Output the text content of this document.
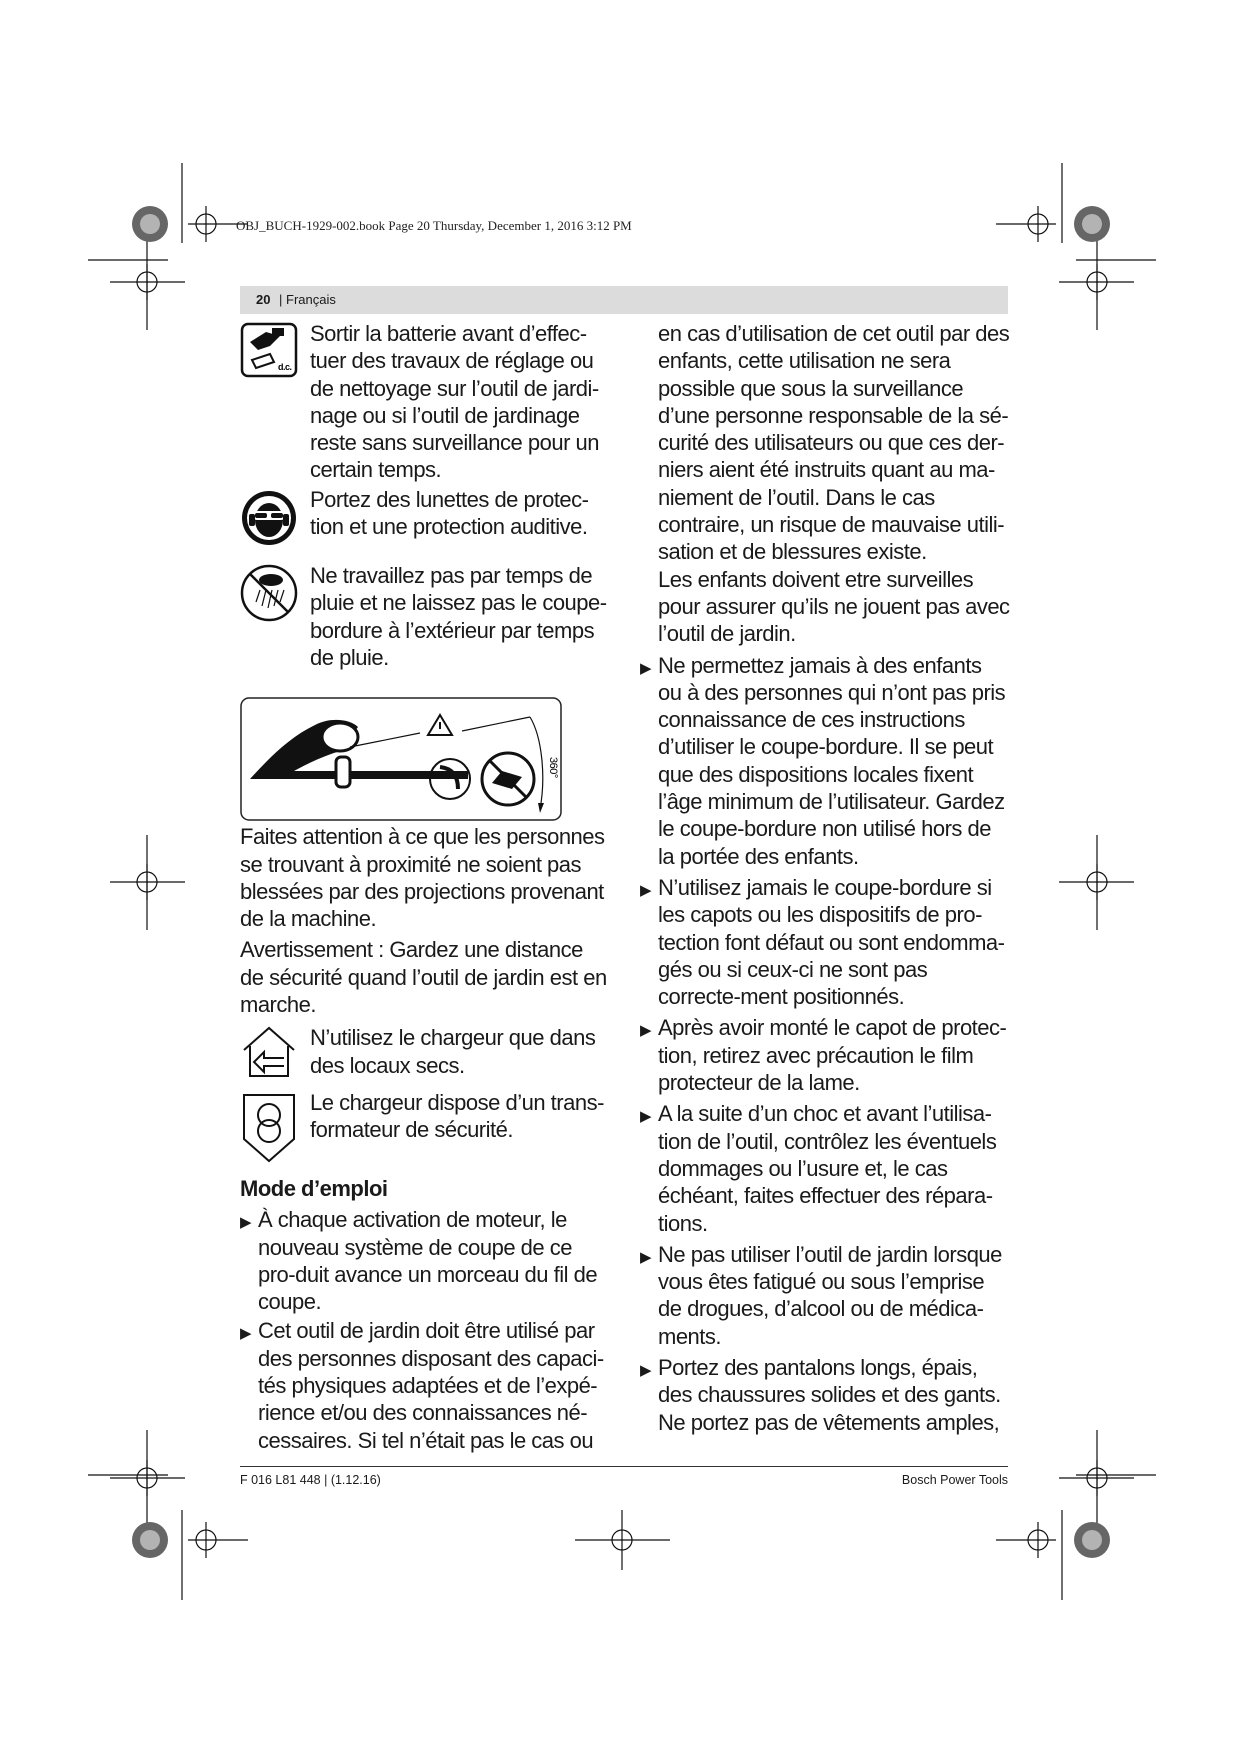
OBJ_BUCH-1929-002.book Page 20 Thursday, December 1, 2016 3:12 PM
20 | Français
d.c.

Sortir la batterie avant d’effec-tuer des travaux de réglage ou de nettoyage sur l’outil de jardi-nage ou si l’outil de jardinage reste sans surveillance pour un certain temps.

Portez des lunettes de protec-tion et une protection auditive.

Ne travaillez pas par temps de pluie et ne laissez pas le coupe-bordure à l’extérieur par temps de pluie.

360°

Faites attention à ce que les personnes se trouvant à proximité ne soient pas blessées par des projections provenant de la machine.

Avertissement : Gardez une distance de sécurité quand l’outil de jardin est en marche.

N’utilisez le chargeur que dans des locaux secs.

Le chargeur dispose d’un trans-formateur de sécurité.

Mode d’emploi
▶ À chaque activation de moteur, le nouveau système de coupe de ce pro-duit avance un morceau du fil de coupe.

▶ Cet outil de jardin doit être utilisé par des personnes disposant des capaci-tés physiques adaptées et de l’expé-rience et/ou des connaissances né-cessaires. Si tel n’était pas le cas ou

en cas d’utilisation de cet outil par des enfants, cette utilisation ne sera possible que sous la surveillance d’une personne responsable de la sé-curité des utilisateurs ou que ces der-niers aient été instruits quant au ma-niement de l’outil. Dans le cas contraire, un risque de mauvaise utili-sation et de blessures existe.

Les enfants doivent etre surveilles pour assurer qu’ils ne jouent pas avec l’outil de jardin.

▶ Ne permettez jamais à des enfants ou à des personnes qui n’ont pas pris connaissance de ces instructions d’utiliser le coupe-bordure. Il se peut que des dispositions locales fixent l’âge minimum de l’utilisateur. Gardez le coupe-bordure non utilisé hors de la portée des enfants.

▶ N’utilisez jamais le coupe-bordure si les capots ou les dispositifs de pro-tection font défaut ou sont endomma-gés ou si ceux-ci ne sont pas correcte-ment positionnés.

▶ Après avoir monté le capot de protec-tion, retirez avec précaution le film protecteur de la lame.

▶ A la suite d’un choc et avant l’utilisa-tion de l’outil, contrôlez les éventuels dommages ou l’usure et, le cas échéant, faites effectuer des répara-tions.

▶ Ne pas utiliser l’outil de jardin lorsque vous êtes fatigué ou sous l’emprise de drogues, d’alcool ou de médica-ments.

▶ Portez des pantalons longs, épais, des chaussures solides et des gants. Ne portez pas de vêtements amples,

F 016 L81 448 | (1.12.16)	Bosch Power Tools
